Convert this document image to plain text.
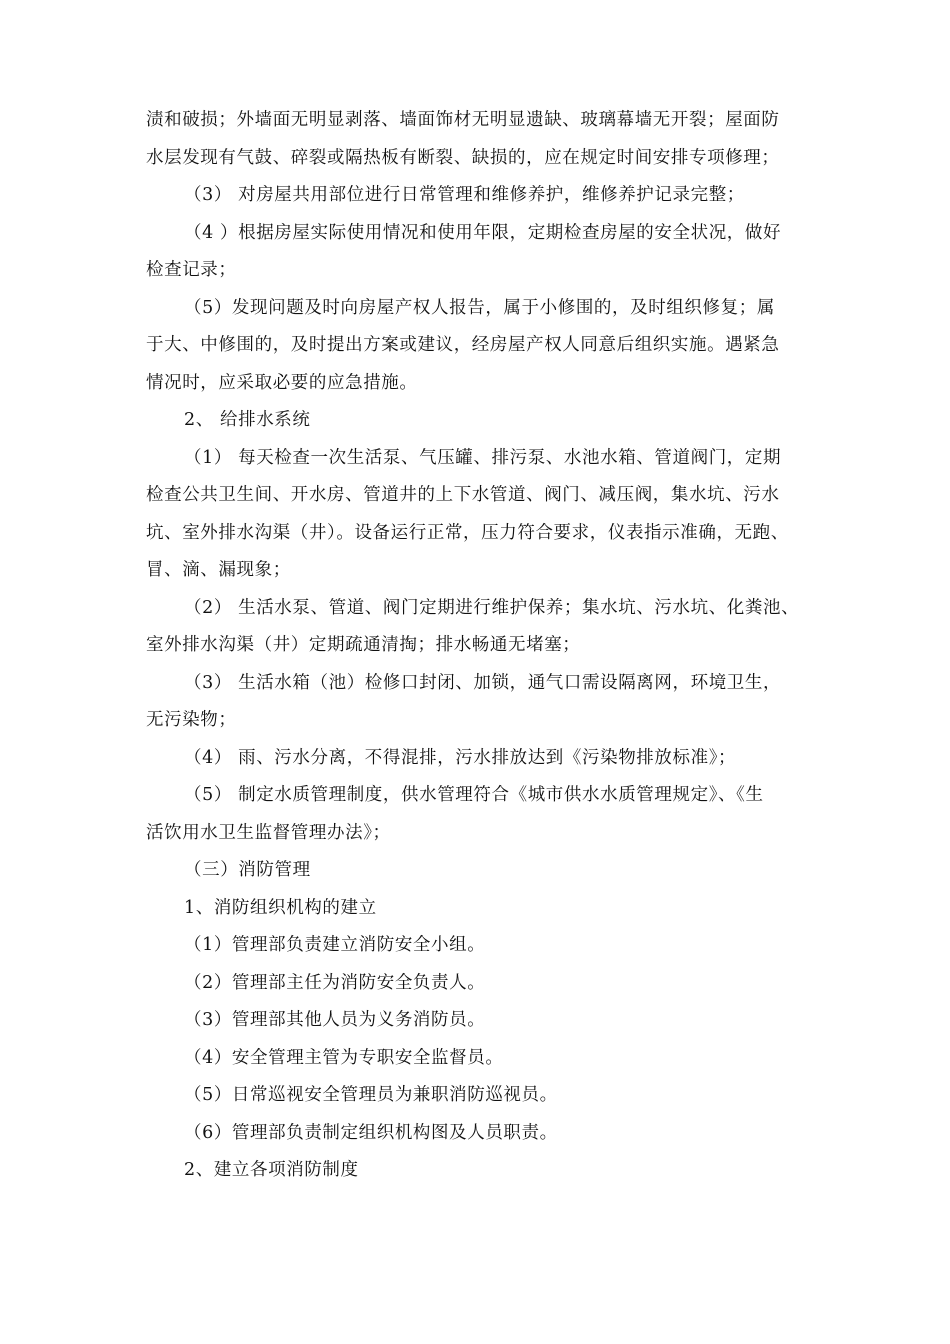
渍和破损；外墙面无明显剥落、墙面饰材无明显遗缺、玻璃幕墙无开裂；屋面防
水层发现有气鼓、碎裂或隔热板有断裂、缺损的，应在规定时间安排专项修理；
（3） 对房屋共用部位进行日常管理和维修养护，维修养护记录完整；
（4 ）根据房屋实际使用情况和使用年限，定期检查房屋的安全状况，做好
检查记录；
（5）发现问题及时向房屋产权人报告，属于小修围的，及时组织修复；属
于大、中修围的，及时提出方案或建议，经房屋产权人同意后组织实施。遇紧急
情况时，应采取必要的应急措施。
2、 给排水系统
（1） 每天检查一次生活泵、气压罐、排污泵、水池水箱、管道阀门，定期
检查公共卫生间、开水房、管道井的上下水管道、阀门、减压阀，集水坑、污水
坑、室外排水沟渠（井）。设备运行正常，压力符合要求，仪表指示准确，无跑、
冒、滴、漏现象；
（2） 生活水泵、管道、阀门定期进行维护保养；集水坑、污水坑、化粪池、
室外排水沟渠（井）定期疏通清掏；排水畅通无堵塞；
（3） 生活水箱（池）检修口封闭、加锁，通气口需设隔离网，环境卫生，
无污染物；
（4） 雨、污水分离，不得混排，污水排放达到《污染物排放标准》；
（5） 制定水质管理制度，供水管理符合《城市供水水质管理规定》、《生
活饮用水卫生监督管理办法》；
（三）消防管理
1、消防组织机构的建立
（1）管理部负责建立消防安全小组。
（2）管理部主任为消防安全负责人。
（3）管理部其他人员为义务消防员。
（4）安全管理主管为专职安全监督员。
（5）日常巡视安全管理员为兼职消防巡视员。
（6）管理部负责制定组织机构图及人员职责。
2、建立各项消防制度
